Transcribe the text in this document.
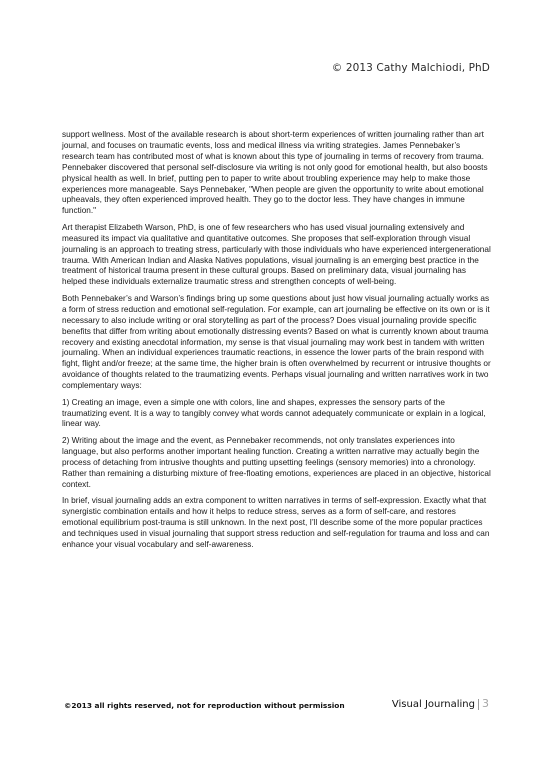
© 2013 Cathy Malchiodi, PhD

support wellness. Most of the available research is about short-term experiences of written journaling rather than art journal, and focuses on traumatic events, loss and medical illness via writing strategies. James Pennebaker’s research team has contributed most of what is known about this type of journaling in terms of recovery from trauma. Pennebaker discovered that personal self-disclosure via writing is not only good for emotional health, but also boosts physical health as well. In brief, putting pen to paper to write about troubling experience may help to make those experiences more manageable. Says Pennebaker, "When people are given the opportunity to write about emotional upheavals, they often experienced improved health. They go to the doctor less. They have changes in immune function."

Art therapist Elizabeth Warson, PhD, is one of few researchers who has used visual journaling extensively and measured its impact via qualitative and quantitative outcomes. She proposes that self-exploration through visual journaling is an approach to treating stress, particularly with those individuals who have experienced intergenerational trauma. With American Indian and Alaska Natives populations, visual journaling is an emerging best practice in the treatment of historical trauma present in these cultural groups. Based on preliminary data, visual journaling has helped these individuals externalize traumatic stress and strengthen concepts of well-being.

Both Pennebaker’s and Warson’s findings bring up some questions about just how visual journaling actually works as a form of stress reduction and emotional self-regulation. For example, can art journaling be effective on its own or is it necessary to also include writing or oral storytelling as part of the process? Does visual journaling provide specific benefits that differ from writing about emotionally distressing events? Based on what is currently known about trauma recovery and existing anecdotal information, my sense is that visual journaling may work best in tandem with written journaling. When an individual experiences traumatic reactions, in essence the lower parts of the brain respond with fight, flight and/or freeze; at the same time, the higher brain is often overwhelmed by recurrent or intrusive thoughts or avoidance of thoughts related to the traumatizing events. Perhaps visual journaling and written narratives work in two complementary ways:

1) Creating an image, even a simple one with colors, line and shapes, expresses the sensory parts of the traumatizing event. It is a way to tangibly convey what words cannot adequately communicate or explain in a logical, linear way.

2) Writing about the image and the event, as Pennebaker recommends, not only translates experiences into language, but also performs another important healing function. Creating a written narrative may actually begin the process of detaching from intrusive thoughts and putting upsetting feelings (sensory memories) into a chronology. Rather than remaining a disturbing mixture of free-floating emotions, experiences are placed in an objective, historical context.

In brief, visual journaling adds an extra component to written narratives in terms of self-expression. Exactly what that synergistic combination entails and how it helps to reduce stress, serves as a form of self-care, and restores emotional equilibrium post-trauma is still unknown. In the next post, I’ll describe some of the more popular practices and techniques used in visual journaling that support stress reduction and self-regulation for trauma and loss and can enhance your visual vocabulary and self-awareness.

©2013 all rights reserved, not for reproduction without permission	Visual Journaling 3
